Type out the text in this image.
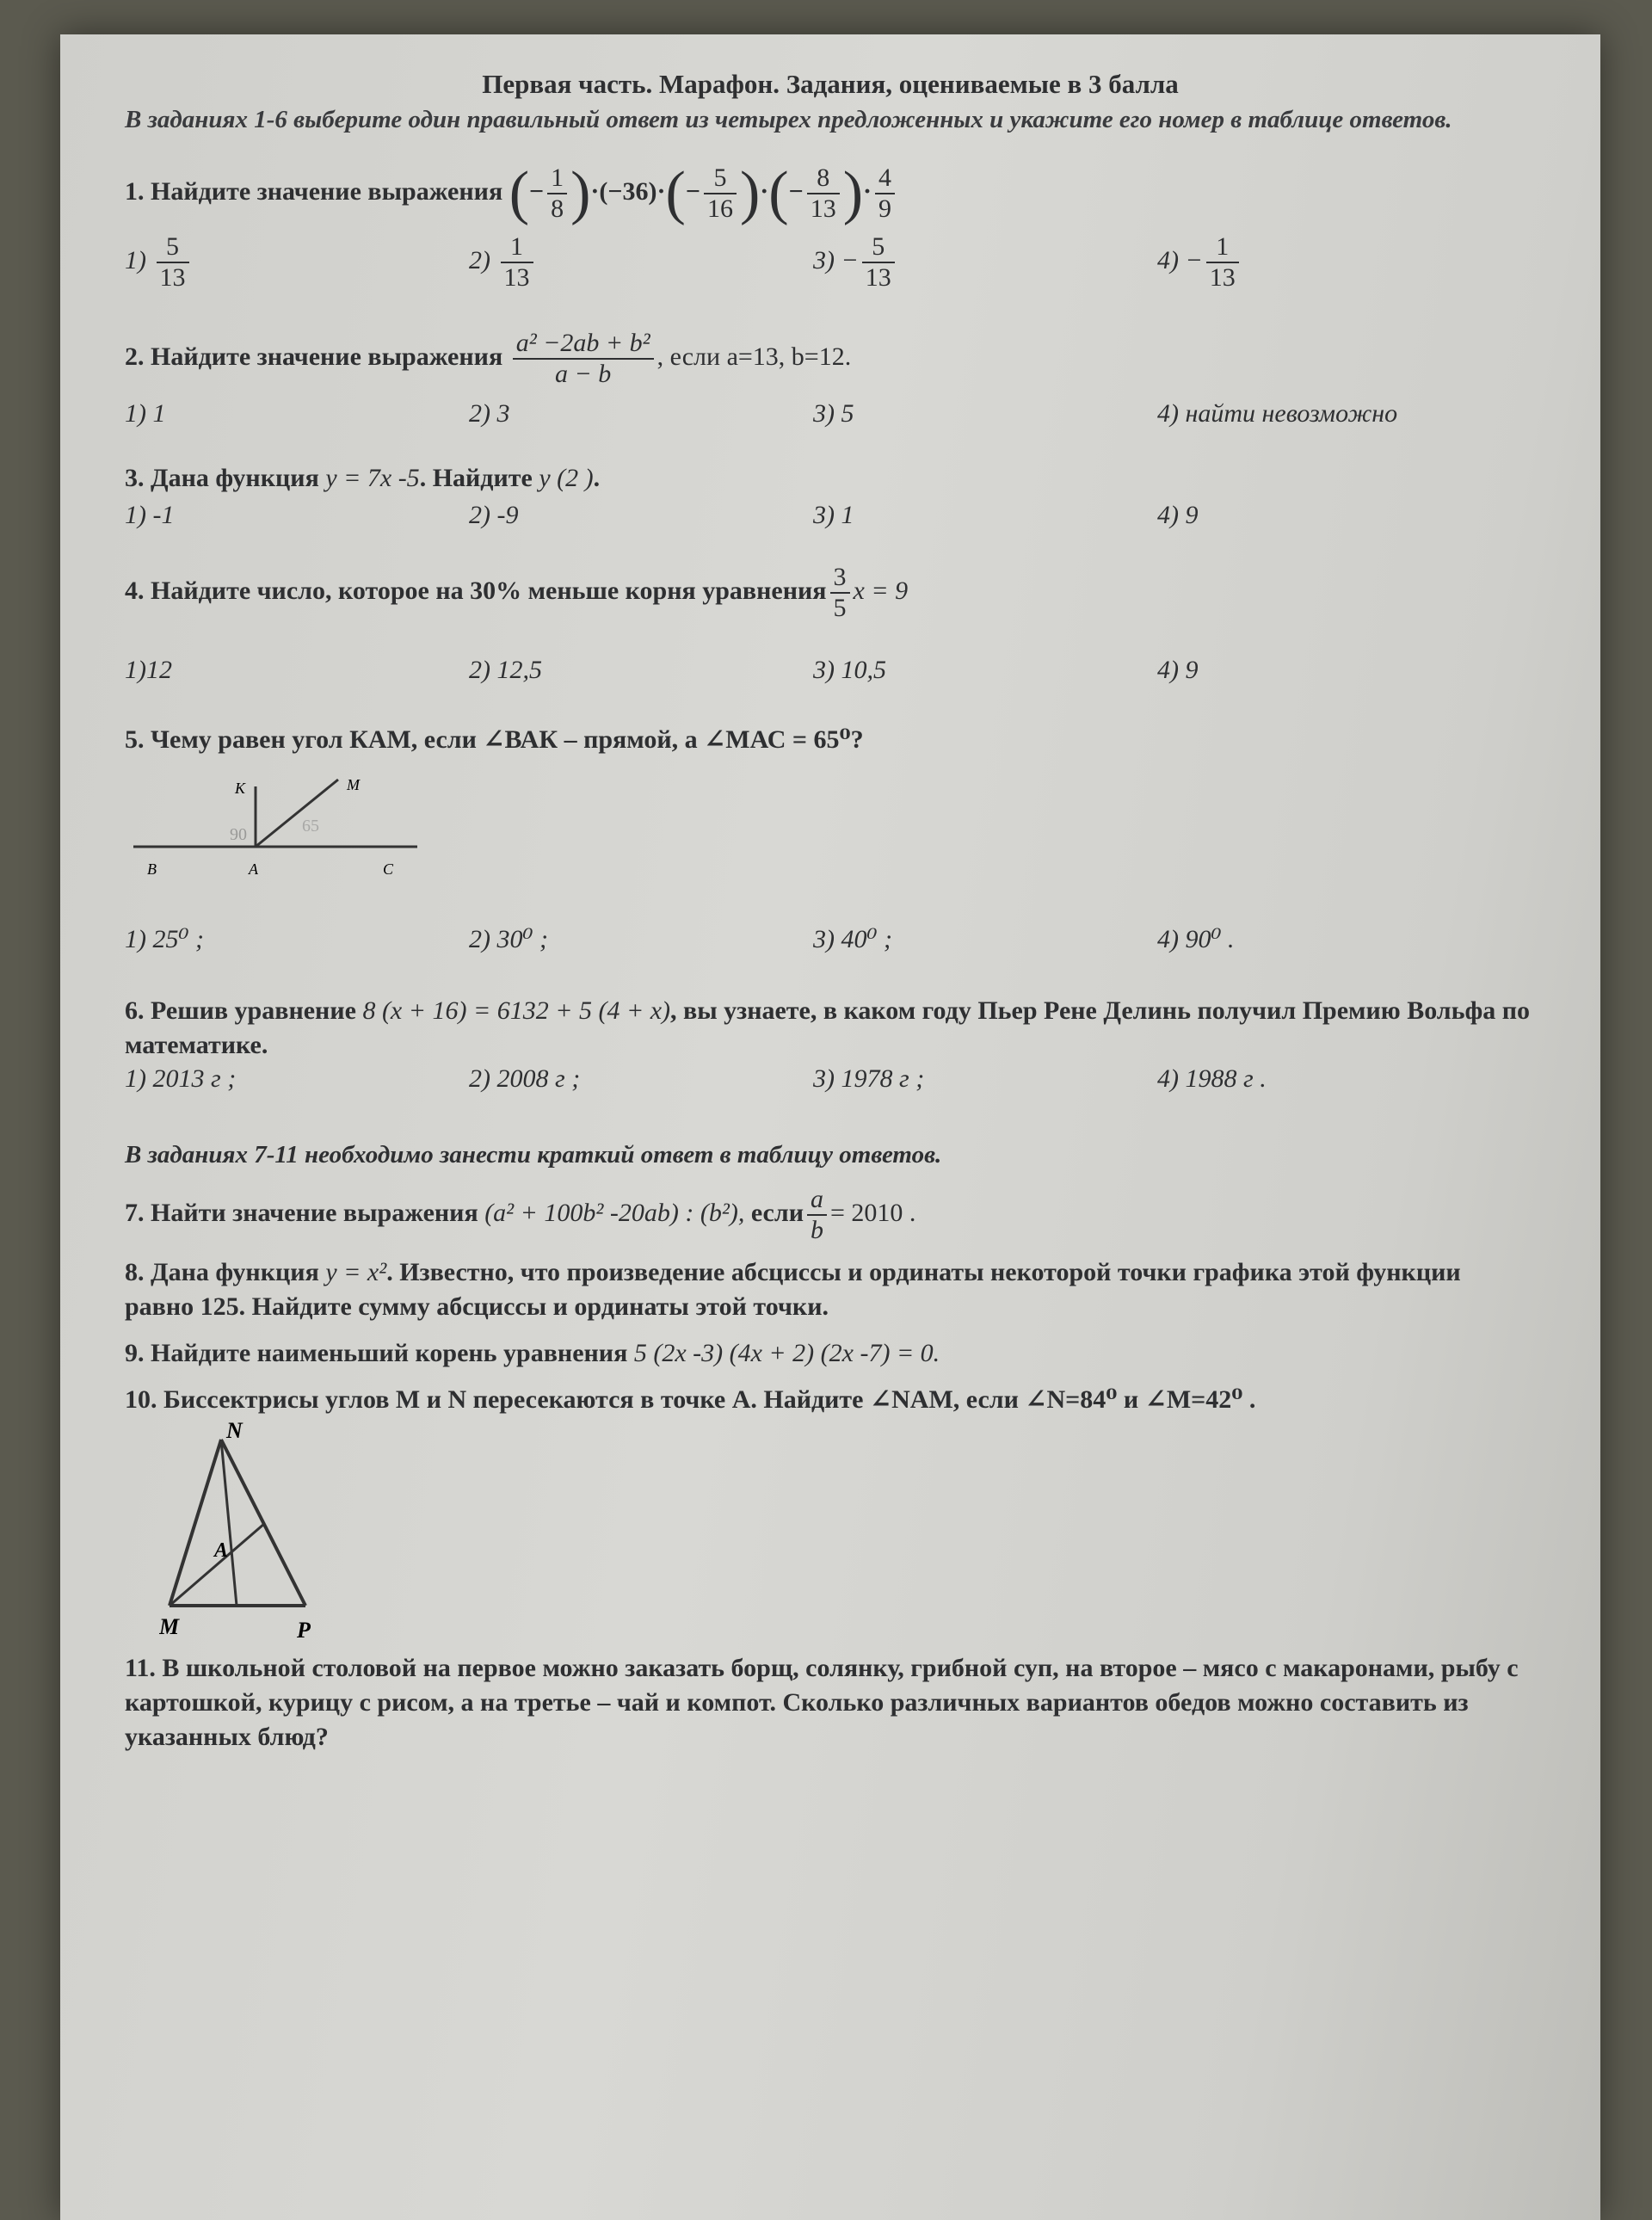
Первая часть. Марафон. Задания, оцениваемые в 3 балла
В заданиях 1-6 выберите один правильный ответ из четырех предложенных и укажите его номер в таблице ответов.
1. Найдите значение выражения (− $\frac{1}{8} )\cdot(-36)\cdot(- \frac{5}{16}$ )·(− $\frac{8}{13}$ )· $\frac{4}{9}$
$1) \frac{5}{13}$	$2) \frac{1}{13}$	$3) - \frac{5}{13}$	$4) - \frac{1}{13}$
2. Найдите значение выражения $\frac{\text{a² −2ab + b²}}{a - b}$ , если a=13, b=12.
1) 1	2) 3	3) 5	4) найти невозможно
3. Дана функция y = 7x -5. Найдите y (2 ).
1) -1	2) -9	3) 1	4) 9
4. Найдите число, которое на 30% меньше корня уравнения $\frac{3}{5}$ x = 9
1)12	2) 12,5	3) 10,5	4) 9
5. Чему равен угол КАМ, если ∠ВАК – прямой, а ∠МАС = 65⁰?
K	M
B	A	C
90	65
1) 25⁰ ;	2) 30⁰ ;	3) 40⁰ ;	4) 90⁰ .
6. Решив уравнение 8 (x + 16) = 6132 + 5 (4 + x), вы узнаете, в каком году Пьер Рене Делинь получил Премию Вольфа по математике.
1) 2013 г ;	2) 2008 г ;	3) 1978 г ;	4) 1988 г .
В заданиях 7-11 необходимо занести краткий ответ в таблицу ответов.
7. Найти значение выражения (a² + 100b² -20ab) : (b²), если $\frac{a}{b} = 2010$ .
8. Дана функция y = x². Известно, что произведение абсциссы и ординаты некоторой точки графика этой функции равно 125. Найдите сумму абсциссы и ординаты этой точки.
9. Найдите наименьший корень уравнения 5 (2x -3) (4x + 2) (2x -7) = 0.
10. Биссектрисы углов М и N пересекаются в точке А. Найдите ∠NAM, если ∠N=84⁰ и ∠M=42⁰ .
N
M	P
A
11. В школьной столовой на первое можно заказать борщ, солянку, грибной суп, на второе – мясо с макаронами, рыбу с картошкой, курицу с рисом, а на третье – чай и компот. Сколько различных вариантов обедов можно составить из указанных блюд?
